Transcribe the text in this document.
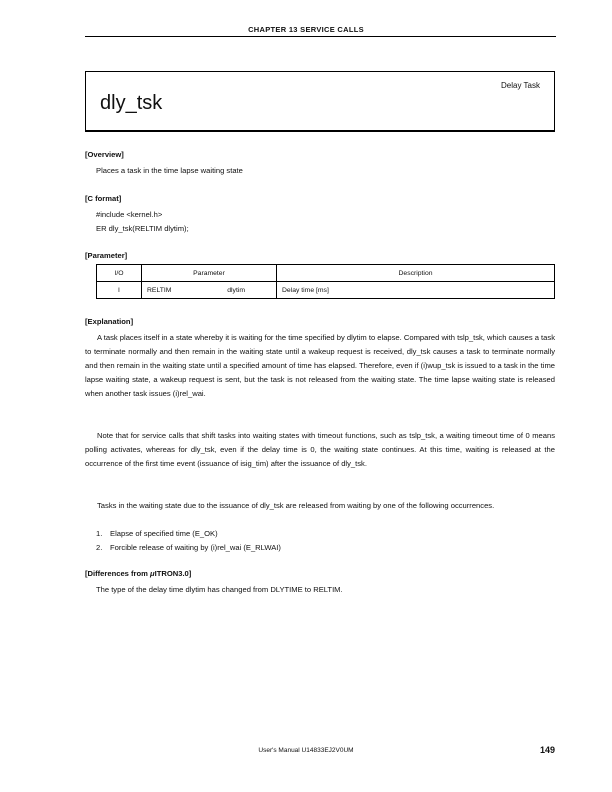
CHAPTER 13 SERVICE CALLS
dly_tsk
Delay Task
[Overview]
Places a task in the time lapse waiting state
[C format]
#include <kernel.h>
ER dly_tsk(RELTIM dlytim);
[Parameter]
I/O	Parameter	Description
I	RELTIM dlytim	Delay time [ms]
[Explanation]
A task places itself in a state whereby it is waiting for the time specified by dlytim to elapse. Compared with tslp_tsk, which causes a task to terminate normally and then remain in the waiting state until a wakeup request is received, dly_tsk causes a task to terminate normally and then remain in the waiting state until a specified amount of time has elapsed. Therefore, even if (i)wup_tsk is issued to a task in the time lapse waiting state, a wakeup request is sent, but the task is not released from the waiting state. The time lapse waiting state is released when another task issues (i)rel_wai.
Note that for service calls that shift tasks into waiting states with timeout functions, such as tslp_tsk, a waiting timeout time of 0 means polling activates, whereas for dly_tsk, even if the delay time is 0, the waiting state continues. At this time, waiting is released at the occurrence of the first time event (issuance of isig_tim) after the issuance of dly_tsk.
Tasks in the waiting state due to the issuance of dly_tsk are released from waiting by one of the following occurrences.
1. Elapse of specified time (E_OK)
2. Forcible release of waiting by (i)rel_wai (E_RLWAI)
[Differences from μITRON3.0]
The type of the delay time dlytim has changed from DLYTIME to RELTIM.
User's Manual U14833EJ2V0UM	149
